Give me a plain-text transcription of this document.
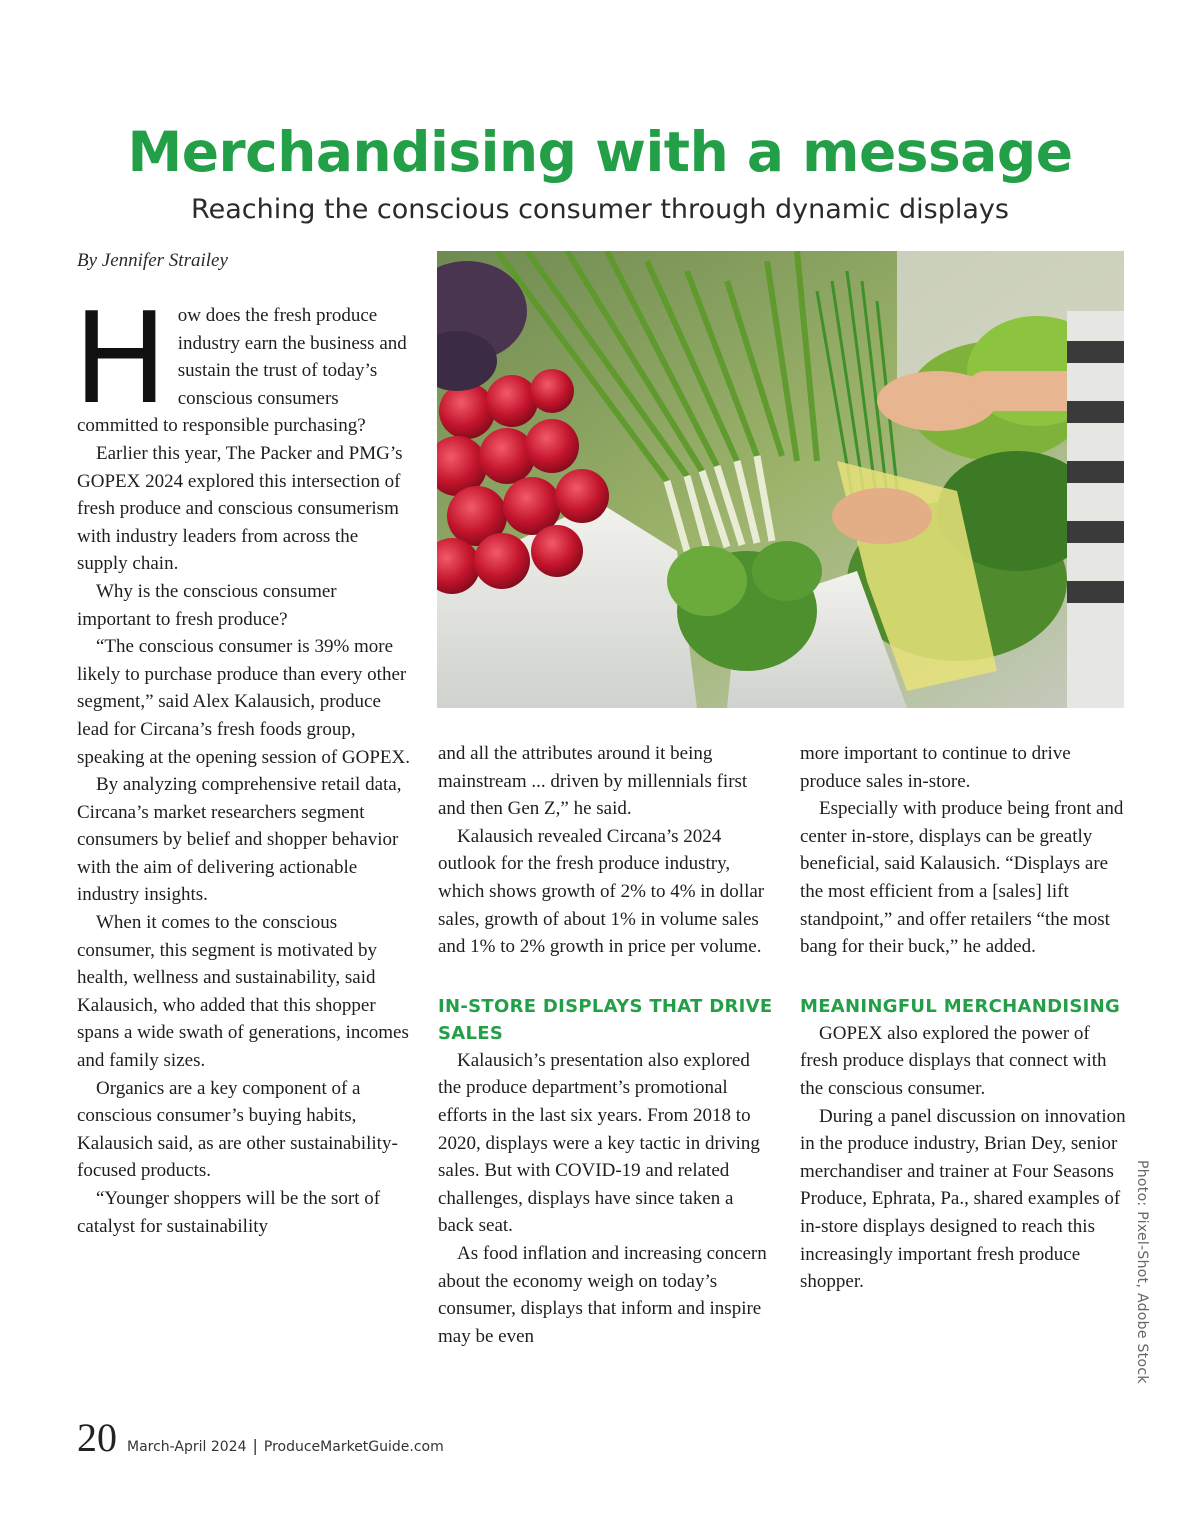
Merchandising with a message

Reaching the conscious consumer through dynamic displays

By Jennifer Strailey

Photo: Pixel-Shot, Adobe Stock

How does the fresh produce industry earn the business and sustain the trust of today’s conscious consumers committed to responsible purchasing?

Earlier this year, The Packer and PMG’s GOPEX 2024 explored this intersection of fresh produce and conscious consumerism with industry leaders from across the supply chain.

Why is the conscious consumer important to fresh produce?

“The conscious consumer is 39% more likely to purchase produce than every other segment,” said Alex Kalausich, produce lead for Circana’s fresh foods group, speaking at the opening session of GOPEX.

By analyzing comprehensive retail data, Circana’s market researchers segment consumers by belief and shopper behavior with the aim of delivering actionable industry insights.

When it comes to the conscious consumer, this segment is motivated by health, wellness and sustainability, said Kalausich, who added that this shopper spans a wide swath of generations, incomes and family sizes.

Organics are a key component of a conscious consumer’s buying habits, Kalausich said, as are other sustainability-focused products.

“Younger shoppers will be the sort of catalyst for sustainability

and all the attributes around it being mainstream ... driven by millennials first and then Gen Z,” he said.

Kalausich revealed Circana’s 2024 outlook for the fresh produce industry, which shows growth of 2% to 4% in dollar sales, growth of about 1% in volume sales and 1% to 2% growth in price per volume.

IN-STORE DISPLAYS THAT DRIVE SALES

Kalausich’s presentation also explored the produce department’s promotional efforts in the last six years. From 2018 to 2020, displays were a key tactic in driving sales. But with COVID-19 and related challenges, displays have since taken a back seat.

As food inflation and increasing concern about the economy weigh on today’s consumer, displays that inform and inspire may be even

more important to continue to drive produce sales in-store.

Especially with produce being front and center in-store, displays can be greatly beneficial, said Kalausich. “Displays are the most efficient from a [sales] lift standpoint,” and offer retailers “the most bang for their buck,” he added.

MEANINGFUL MERCHANDISING

GOPEX also explored the power of fresh produce displays that connect with the conscious consumer.

During a panel discussion on innovation in the produce industry, Brian Dey, senior merchandiser and trainer at Four Seasons Produce, Ephrata, Pa., shared examples of in-store displays designed to reach this increasingly important fresh produce shopper.

20 March-April 2024 | ProduceMarketGuide.com
